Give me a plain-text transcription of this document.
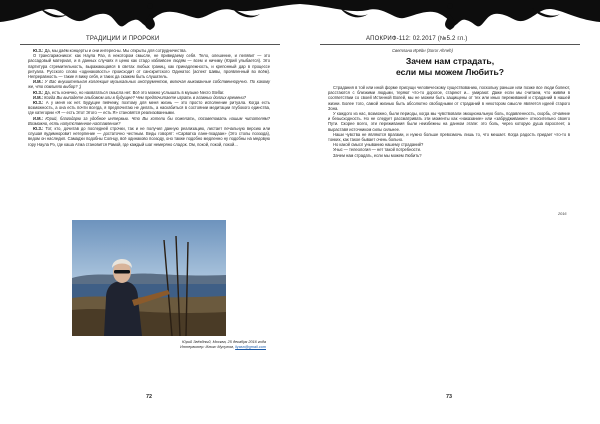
ТРАДИЦИИ И ПРОРОКИ

Ю.З.: Да, мы даём концерты и они интересны. Мы открыты для сотрудничества.

О трансгармониксе: как Наула Раэ, в некотором смысле, не приведаему себя. Тело, олешение, и пелявит — это рассадовый материал, и в данных случаях я ценю как стадо избливсен людям — всем и ничиму (Юрий улыбается). Это партитура стремительность, выражающаяся в светах любых границ, как принадлежность, и крепонный дар в процессе ритуала. Русского слово «одинаковость» происходит от санскритского Одинатос (аспект Шивы, проявленный во всём). Непреравность — такие я вижу себя, и таких да скажем быть слушатель.

И.М.: У Вас внушительная коллекция музыкальных инструментов, включая выкованные собственноручно. По какому же, что повлияло выбор? ;)

Ю.З.: Да, есть конечно, но нахвататься смысла нет. Всё это можно услышать в музыке Necro Stellar.

И.М.: Когда Вы выпадете альбомом или в будущее? Чем предпочитаете играть в главных долгих времени?

Ю.З.: А у меня их нет. Будущее певчему, поэтому для меня жизнь — это просто исполнение ритуала. Когда есть возможность, а она есть почти всегда, я предпочитаю не делать, а наскабиться в состоянии медитации глубокого единства, где категории «Я — есть Этот Этого — есть Я» становятся реализованными.

И.М.: Юрий, благодарю за удобное интервью. Что Вы хотели бы пожелать, посоветовать нашим читателям? Возможно, есть напутственное наставление?

Ю.З.: Тот, кто, дочитав до последней строчки, так и не получил данную реализацию, листает печальную версию или слушая вудимноровит нетерпение — достаточно честным. Веды говорят: «Сарватха ланн-пхадаан» (Это столы поэзода), ведом он наследил. Самадхи подобны Солнцу, всё одинаково поэзоду, оно также подобно медленно ну подобны на медовую гору Наула Рэ, где каша Атма становится Рамой, где каждый шаг немеряно сладок. Ом, покой, покой, покой...

Юрий Звёздный, Москва, 25 декабря 2016 года
Интервьюер: Ильяс Мусулом, ilyasn@gmail.com
72
АПОКРИФ-112: 02.2017 (№5.2 гл.)
Светлана Ирёйн (Soror Ahneh)
Зачем нам страдать,
если мы можем Любить?

Страдания в той или иной форме присущи человеческому существованию, поскольку раньше или позже все люди болеют, расстаются с близкими людьми, теряют что-то дорогое, стареют и... умирают. Даже если мы считаем, что живём в соответствии со своей Истинной Волей, мы не можем быть защищены от тех или иных переживаний и страданий в нашей жизни. Более того, самой жизнью быть абсолютно свободными от страданий в некотором смысле является идеей старого Зона.

У каждого из нас, возможно, были периоды, когда мы чувствовали эмоциональную боль, подавленность, скорбь, отчаяние и безысходность. Но не следует рассматривать эти моменты как «наказание» или «забрудживание» относительно своего Пути. Скорее всего, эти переживания были неизбежны на данном этапе: это боль, через которую душа взрослеет, а выраставя источником силы сильнее.

Наши чувства не являются врагами, и нужно больше превозмочь лишь то, что мешает. Когда радость придает что-то в тонких, как такое бывает очень больно.

Но какой смысл уныванию нашему страданий?

Уныс — телеология — нет такой потребности.

Зачем нам страдать, если мы можем Любить?

2016
73
